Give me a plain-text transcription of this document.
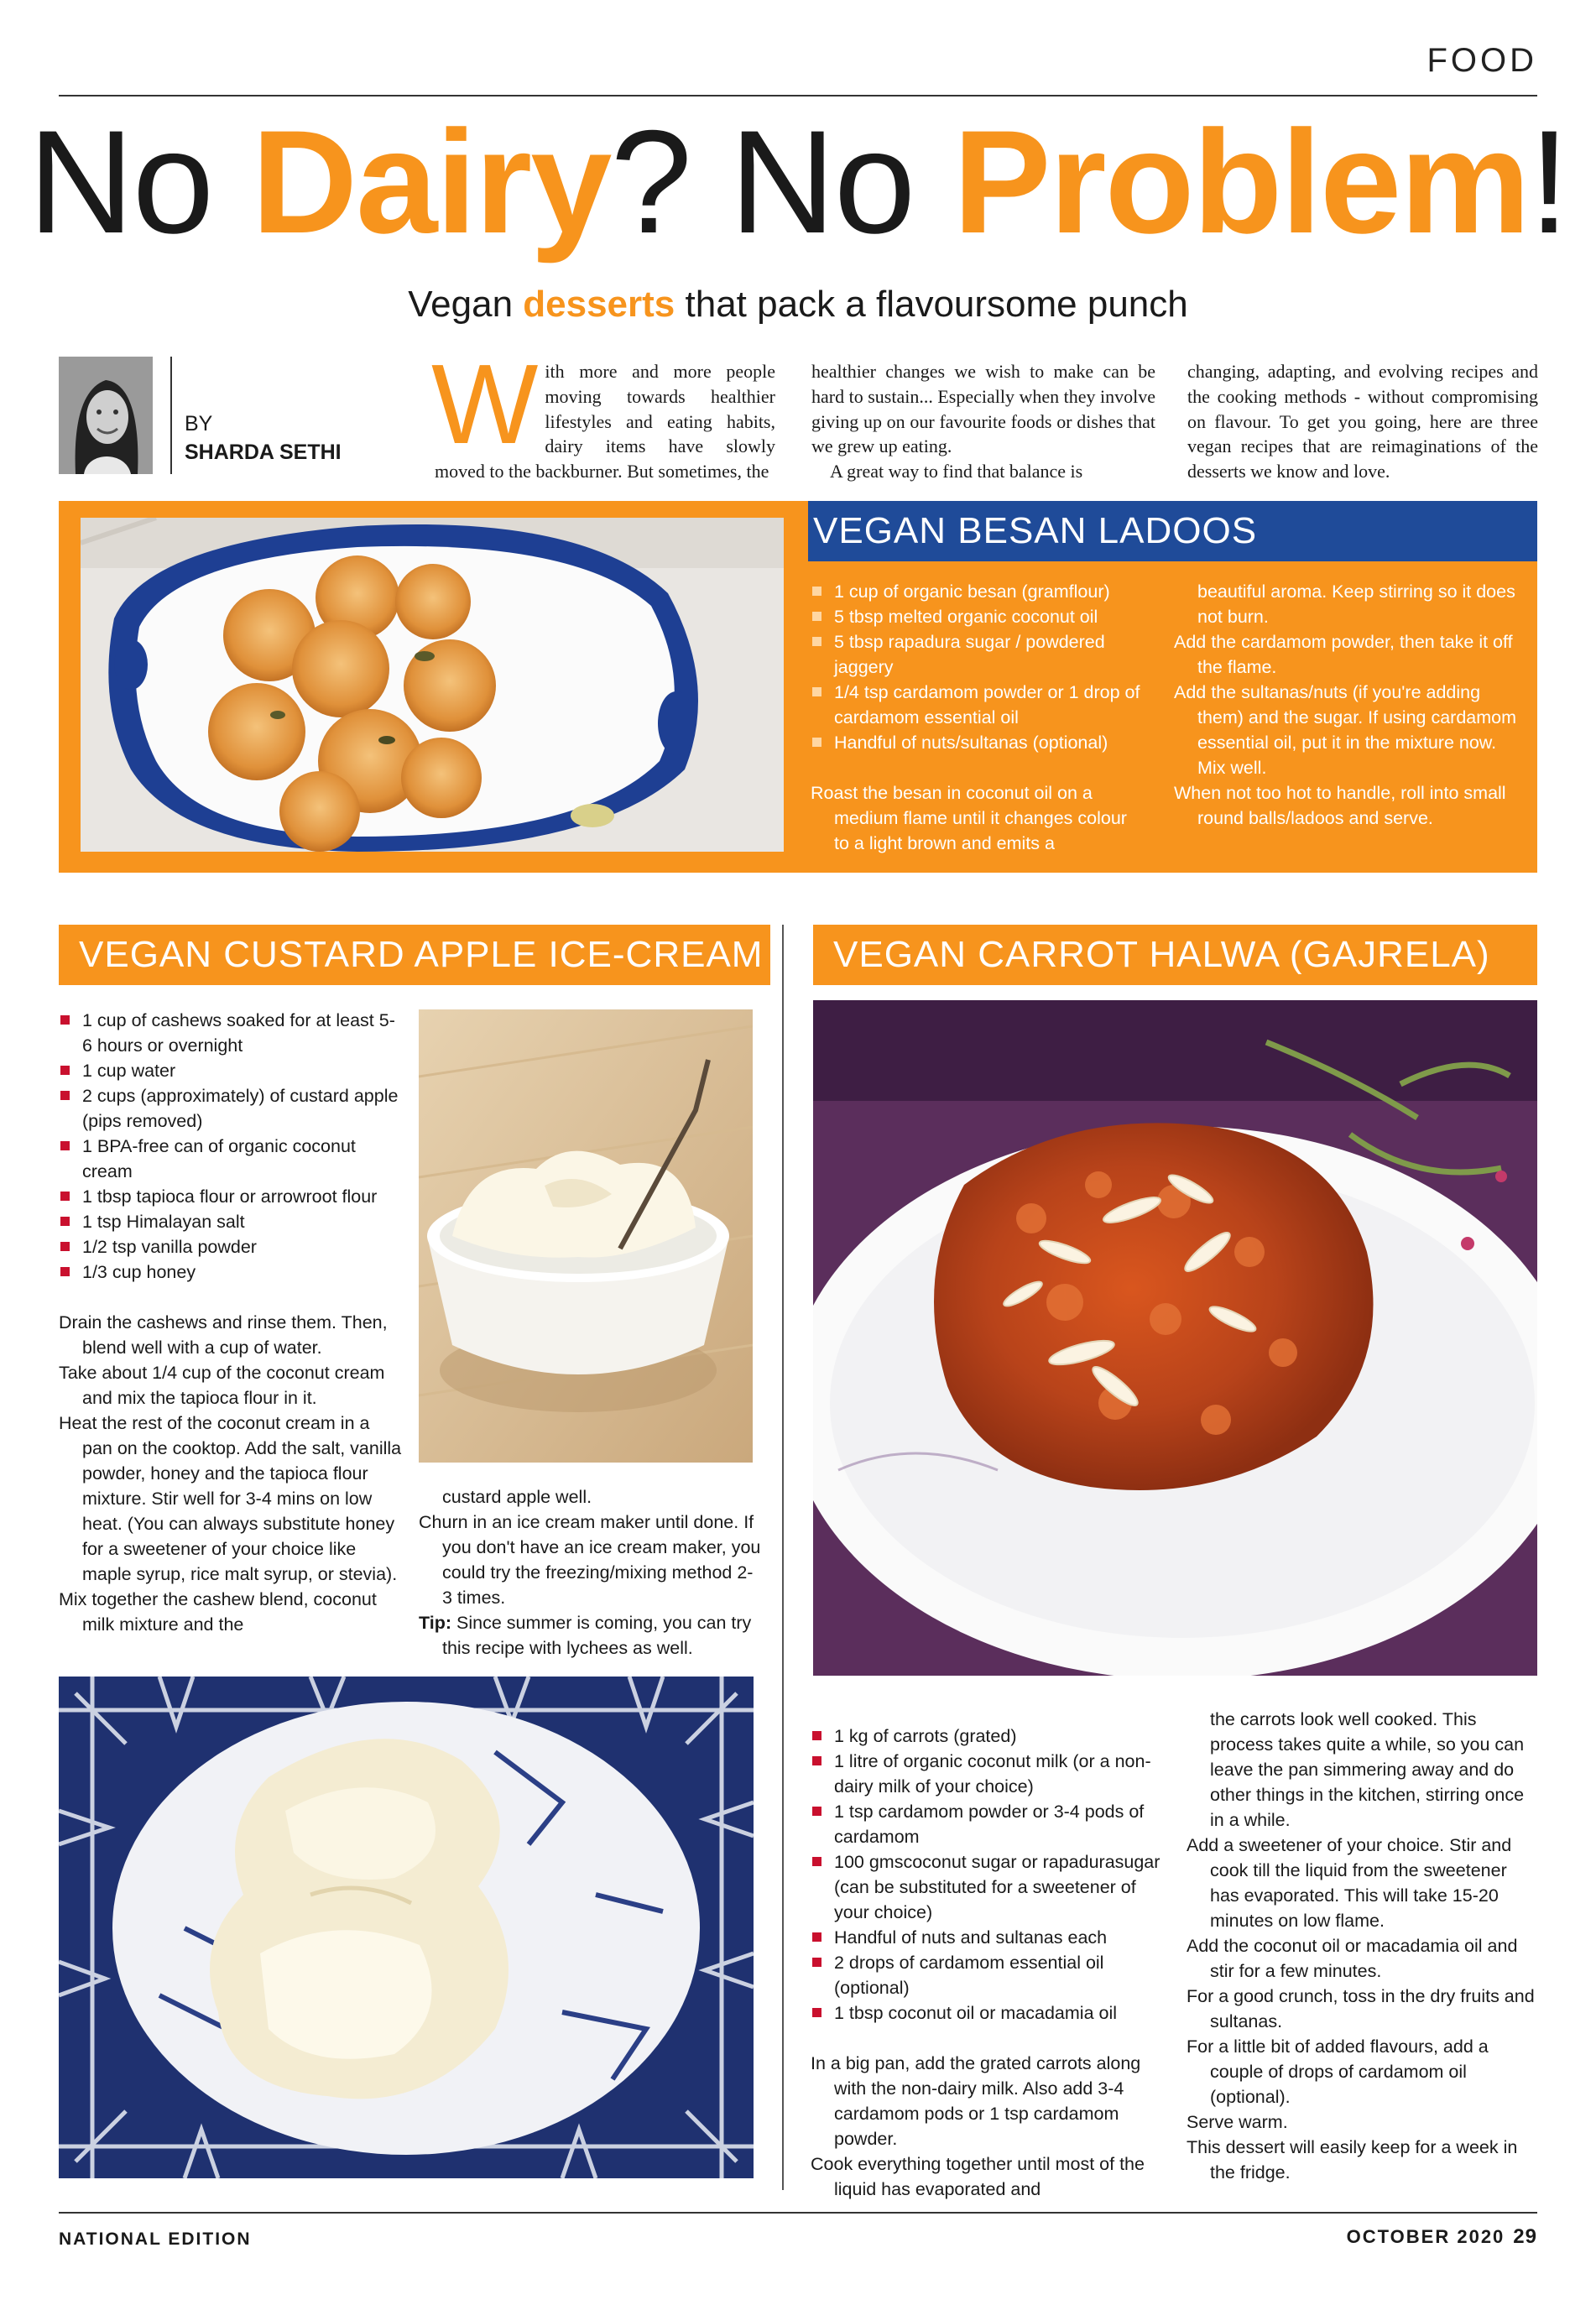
FOOD
No Dairy? No Problem!
Vegan desserts that pack a flavoursome punch
BY
SHARDA SETHI With more and more people moving towards healthier lifestyles and eating habits, dairy items have slowly moved to the backburner. But sometimes, the
healthier changes we wish to make can be hard to sustain... Especially when they involve giving up on our favourite foods or dishes that we grew up eating.
A great way to find that balance is
changing, adapting, and evolving recipes and the cooking methods - without compromising on flavour. To get you going, here are three vegan recipes that are reimaginations of the desserts we know and love.
VEGAN BESAN LADOOS
1 cup of organic besan (gramflour)
5 tbsp melted organic coconut oil
5 tbsp rapadura sugar / powdered jaggery
1/4 tsp cardamom powder or 1 drop of cardamom essential oil
Handful of nuts/sultanas (optional)

Roast the besan in coconut oil on a medium flame until it changes colour to a light brown and emits a

beautiful aroma. Keep stirring so it does not burn.

Add the cardamom powder, then take it off the flame.

Add the sultanas/nuts (if you're adding them) and the sugar. If using cardamom essential oil, put it in the mixture now. Mix well.

When not too hot to handle, roll into small round balls/ladoos and serve.

VEGAN CUSTARD APPLE ICE-CREAM	VEGAN CARROT HALWA (GAJRELA)
1 cup of cashews soaked for at least 5-6 hours or overnight
1 cup water
2 cups (approximately) of custard apple (pips removed)
1 BPA-free can of organic coconut cream
1 tbsp tapioca flour or arrowroot flour
1 tsp Himalayan salt
1/2 tsp vanilla powder
1/3 cup honey

Drain the cashews and rinse them. Then, blend well with a cup of water.

Take about 1/4 cup of the coconut cream and mix the tapioca flour in it.

Heat the rest of the coconut cream in a pan on the cooktop. Add the salt, vanilla powder, honey and the tapioca flour mixture. Stir well for 3-4 mins on low heat. (You can always substitute honey for a sweetener of your choice like maple syrup, rice malt syrup, or stevia).

Mix together the cashew blend, coconut milk mixture and the

custard apple well.

Churn in an ice cream maker until done. If you don't have an ice cream maker, you could try the freezing/mixing method 2-3 times.

Tip: Since summer is coming, you can try this recipe with lychees as well.

1 kg of carrots (grated)
1 litre of organic coconut milk (or a non-dairy milk of your choice)
1 tsp cardamom powder or 3-4 pods of cardamom
100 gmscoconut sugar or rapadurasugar (can be substituted for a sweetener of your choice)
Handful of nuts and sultanas each
2 drops of cardamom essential oil (optional)
1 tbsp coconut oil or macadamia oil

In a big pan, add the grated carrots along with the non-dairy milk. Also add 3-4 cardamom pods or 1 tsp cardamom powder.

Cook everything together until most of the liquid has evaporated and

the carrots look well cooked. This process takes quite a while, so you can leave the pan simmering away and do other things in the kitchen, stirring once in a while.

Add a sweetener of your choice. Stir and cook till the liquid from the sweetener has evaporated. This will take 15-20 minutes on low flame.

Add the coconut oil or macadamia oil and stir for a few minutes.

For a good crunch, toss in the dry fruits and sultanas.

For a little bit of added flavours, add a couple of drops of cardamom oil (optional).

Serve warm.

This dessert will easily keep for a week in the fridge.

NATIONAL EDITION	OCTOBER 2020 29
